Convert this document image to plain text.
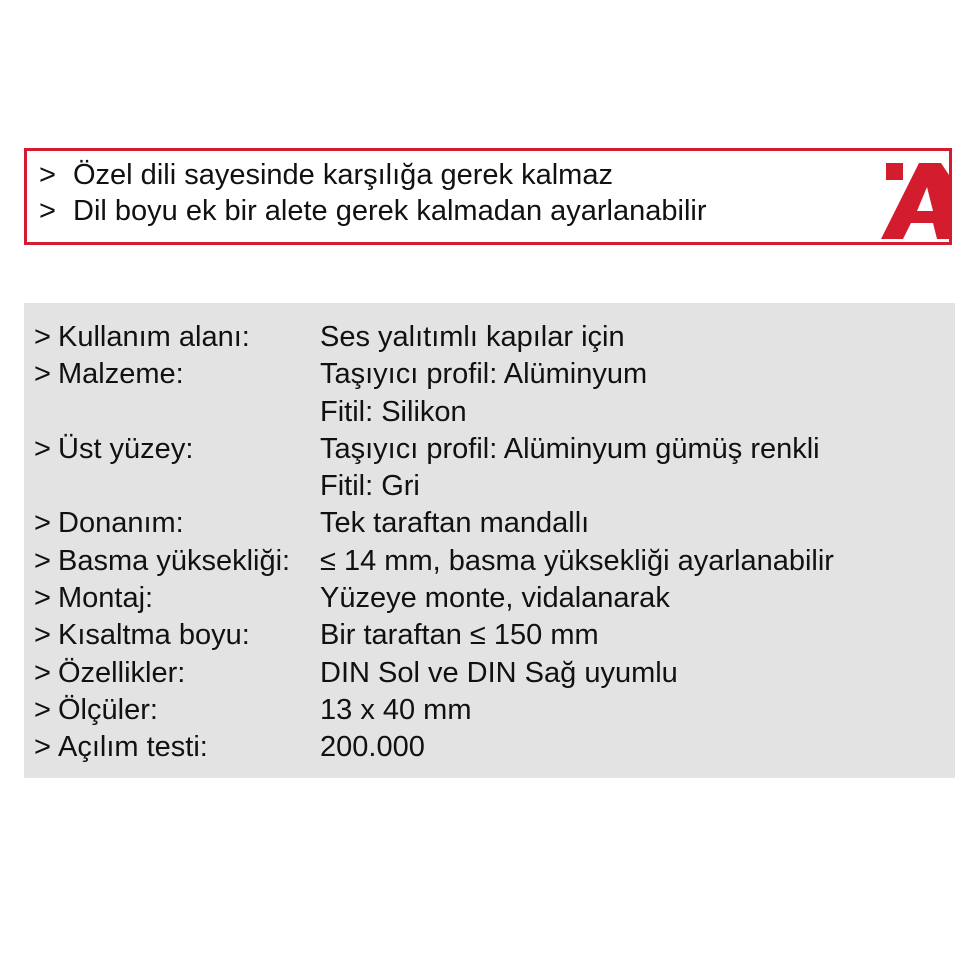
> Özel dili sayesinde karşılığa gerek kalmaz
> Dil boyu ek bir alete gerek kalmadan ayarlanabilir
> Kullanım alanı:	Ses yalıtımlı kapılar için
> Malzeme:	Taşıyıcı profil: Alüminyum
Fitil: Silikon
> Üst yüzey:	Taşıyıcı profil: Alüminyum gümüş renkli
Fitil: Gri
> Donanım:	Tek taraftan mandallı
> Basma yüksekliği:	≤ 14 mm, basma yüksekliği ayarlanabilir
> Montaj:	Yüzeye monte, vidalanarak
> Kısaltma boyu:	Bir taraftan ≤ 150 mm
> Özellikler:	DIN Sol ve DIN Sağ uyumlu
> Ölçüler:	13 x 40 mm
> Açılım testi:	200.000
